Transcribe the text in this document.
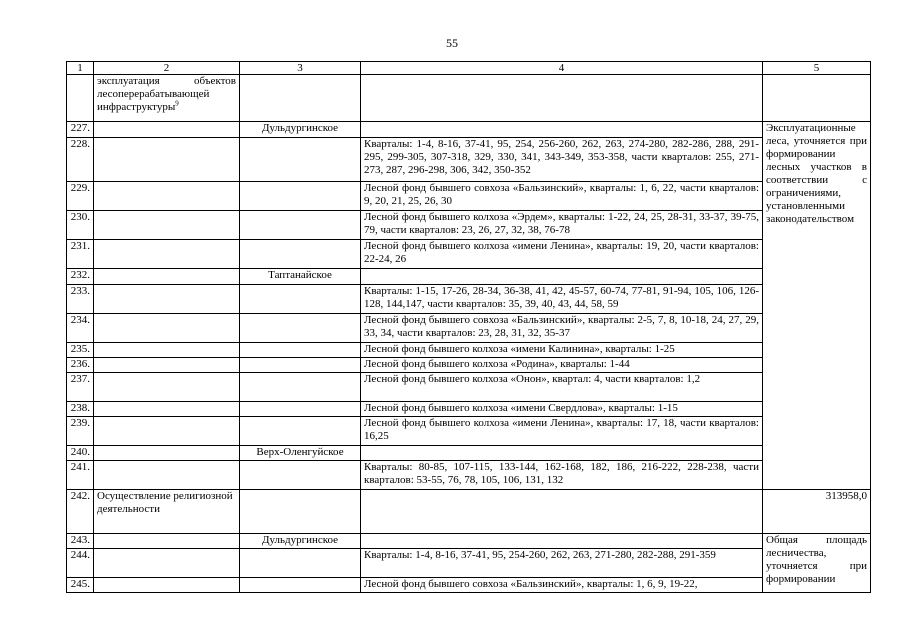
55
1	2	3	4	5
	эксплуатация объектов лесоперерабатывающей инфраструктуры$^9$			
227.		Дульдургинское		Эксплуатационные леса, уточняется при формировании лесных участков в соответствии с ограничениями, установленными законодательством
228.			Кварталы: 1-4, 8-16, 37-41, 95, 254, 256-260, 262, 263, 274-280, 282-286, 288, 291-295, 299-305, 307-318, 329, 330, 341, 343-349, 353-358, части кварталов: 255, 271-273, 287, 296-298, 306, 342, 350-352	
229.			Лесной фонд бывшего совхоза «Бальзинский», кварталы: 1, 6, 22, части кварталов: 9, 20, 21, 25, 26, 30	
230.			Лесной фонд бывшего колхоза «Эрдем», кварталы: 1-22, 24, 25, 28-31, 33-37, 39-75, 79, части кварталов: 23, 26, 27, 32, 38, 76-78	
231.			Лесной фонд бывшего колхоза «имени Ленина», кварталы: 19, 20, части кварталов: 22-24, 26	
232.		Таптанайское		
233.			Кварталы: 1-15, 17-26, 28-34, 36-38, 41, 42, 45-57, 60-74, 77-81, 91-94, 105, 106, 126-128, 144,147, части кварталов: 35, 39, 40, 43, 44, 58, 59	
234.			Лесной фонд бывшего совхоза «Бальзинский», кварталы: 2-5, 7, 8, 10-18, 24, 27, 29, 33, 34, части кварталов: 23, 28, 31, 32, 35-37	
235.			Лесной фонд бывшего колхоза «имени Калинина», кварталы: 1-25	
236.			Лесной фонд бывшего колхоза «Родина», кварталы: 1-44	
237.			Лесной фонд бывшего колхоза «Онон», квартал: 4, части кварталов: 1,2	
238.			Лесной фонд бывшего колхоза «имени Свердлова», кварталы: 1-15	
239.			Лесной фонд бывшего колхоза «имени Ленина», кварталы: 17, 18, части кварталов: 16,25	
240.		Верх-Оленгуйское		
241.			Кварталы: 80-85, 107-115, 133-144, 162-168, 182, 186, 216-222, 228-238, части кварталов: 53-55, 76, 78, 105, 106, 131, 132	
242.	Осуществление религиозной деятельности			313958,0
243.		Дульдургинское		Общая площадь лесничества, уточняется при формировании
244.			Кварталы: 1-4, 8-16, 37-41, 95, 254-260, 262, 263, 271-280, 282-288, 291-359	
245.			Лесной фонд бывшего совхоза «Бальзинский», кварталы: 1, 6, 9, 19-22,	
